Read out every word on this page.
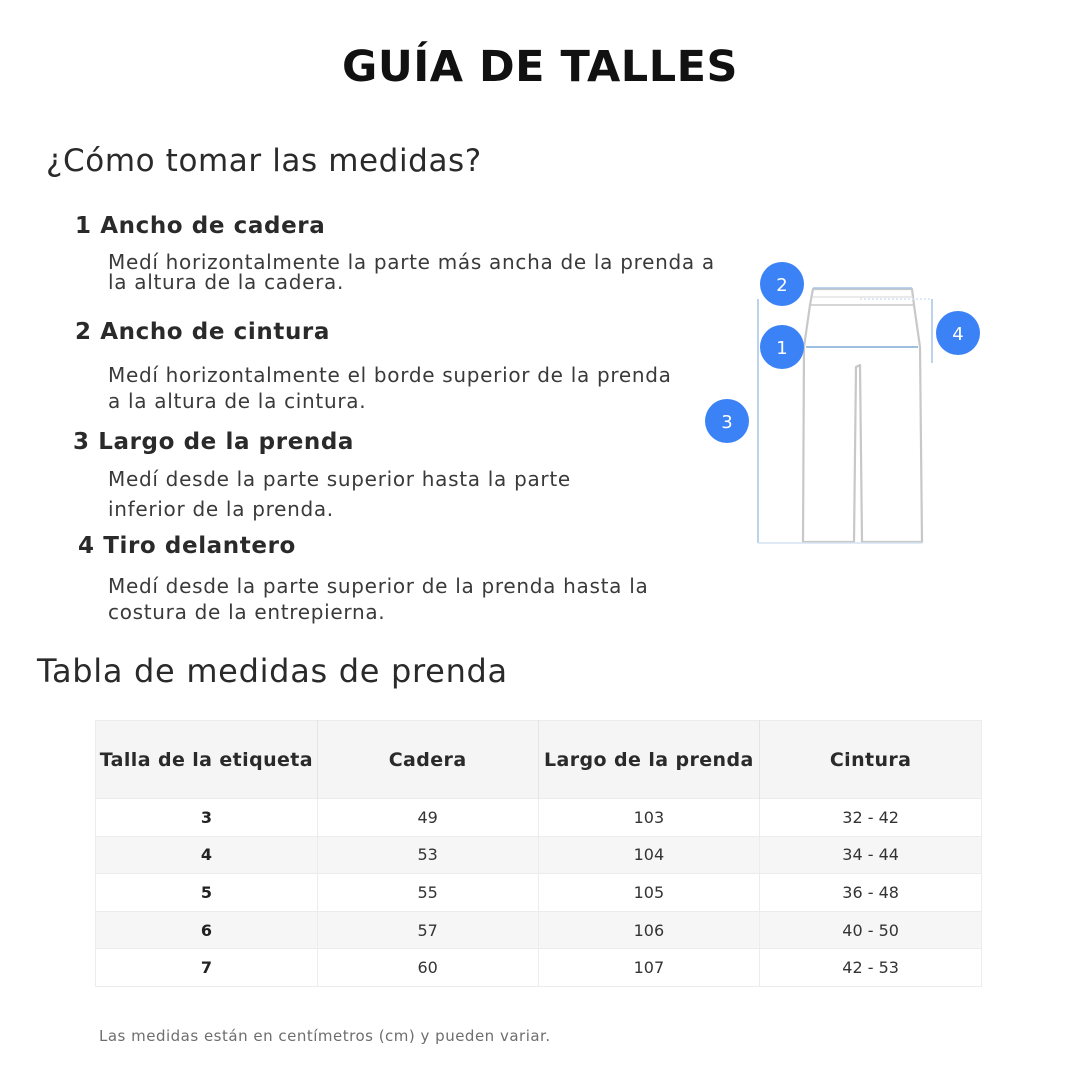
GUÍA DE TALLES
¿Cómo tomar las medidas?
1 Ancho de cadera
Medí horizontalmente la parte más ancha de la prenda a
la altura de la cadera.
2 Ancho de cintura
Medí horizontalmente el borde superior de la prenda
a la altura de la cintura.
3 Largo de la prenda
Medí desde la parte superior hasta la parte
inferior de la prenda.
4 Tiro delantero
Medí desde la parte superior de la prenda hasta la
costura de la entrepierna.
2
1
3
4
Tabla de medidas de prenda
Talla de la etiqueta	Cadera	Largo de la prenda	Cintura
3	49	103	32 - 42
4	53	104	34 - 44
5	55	105	36 - 48
6	57	106	40 - 50
7	60	107	42 - 53
Las medidas están en centímetros (cm) y pueden variar.
